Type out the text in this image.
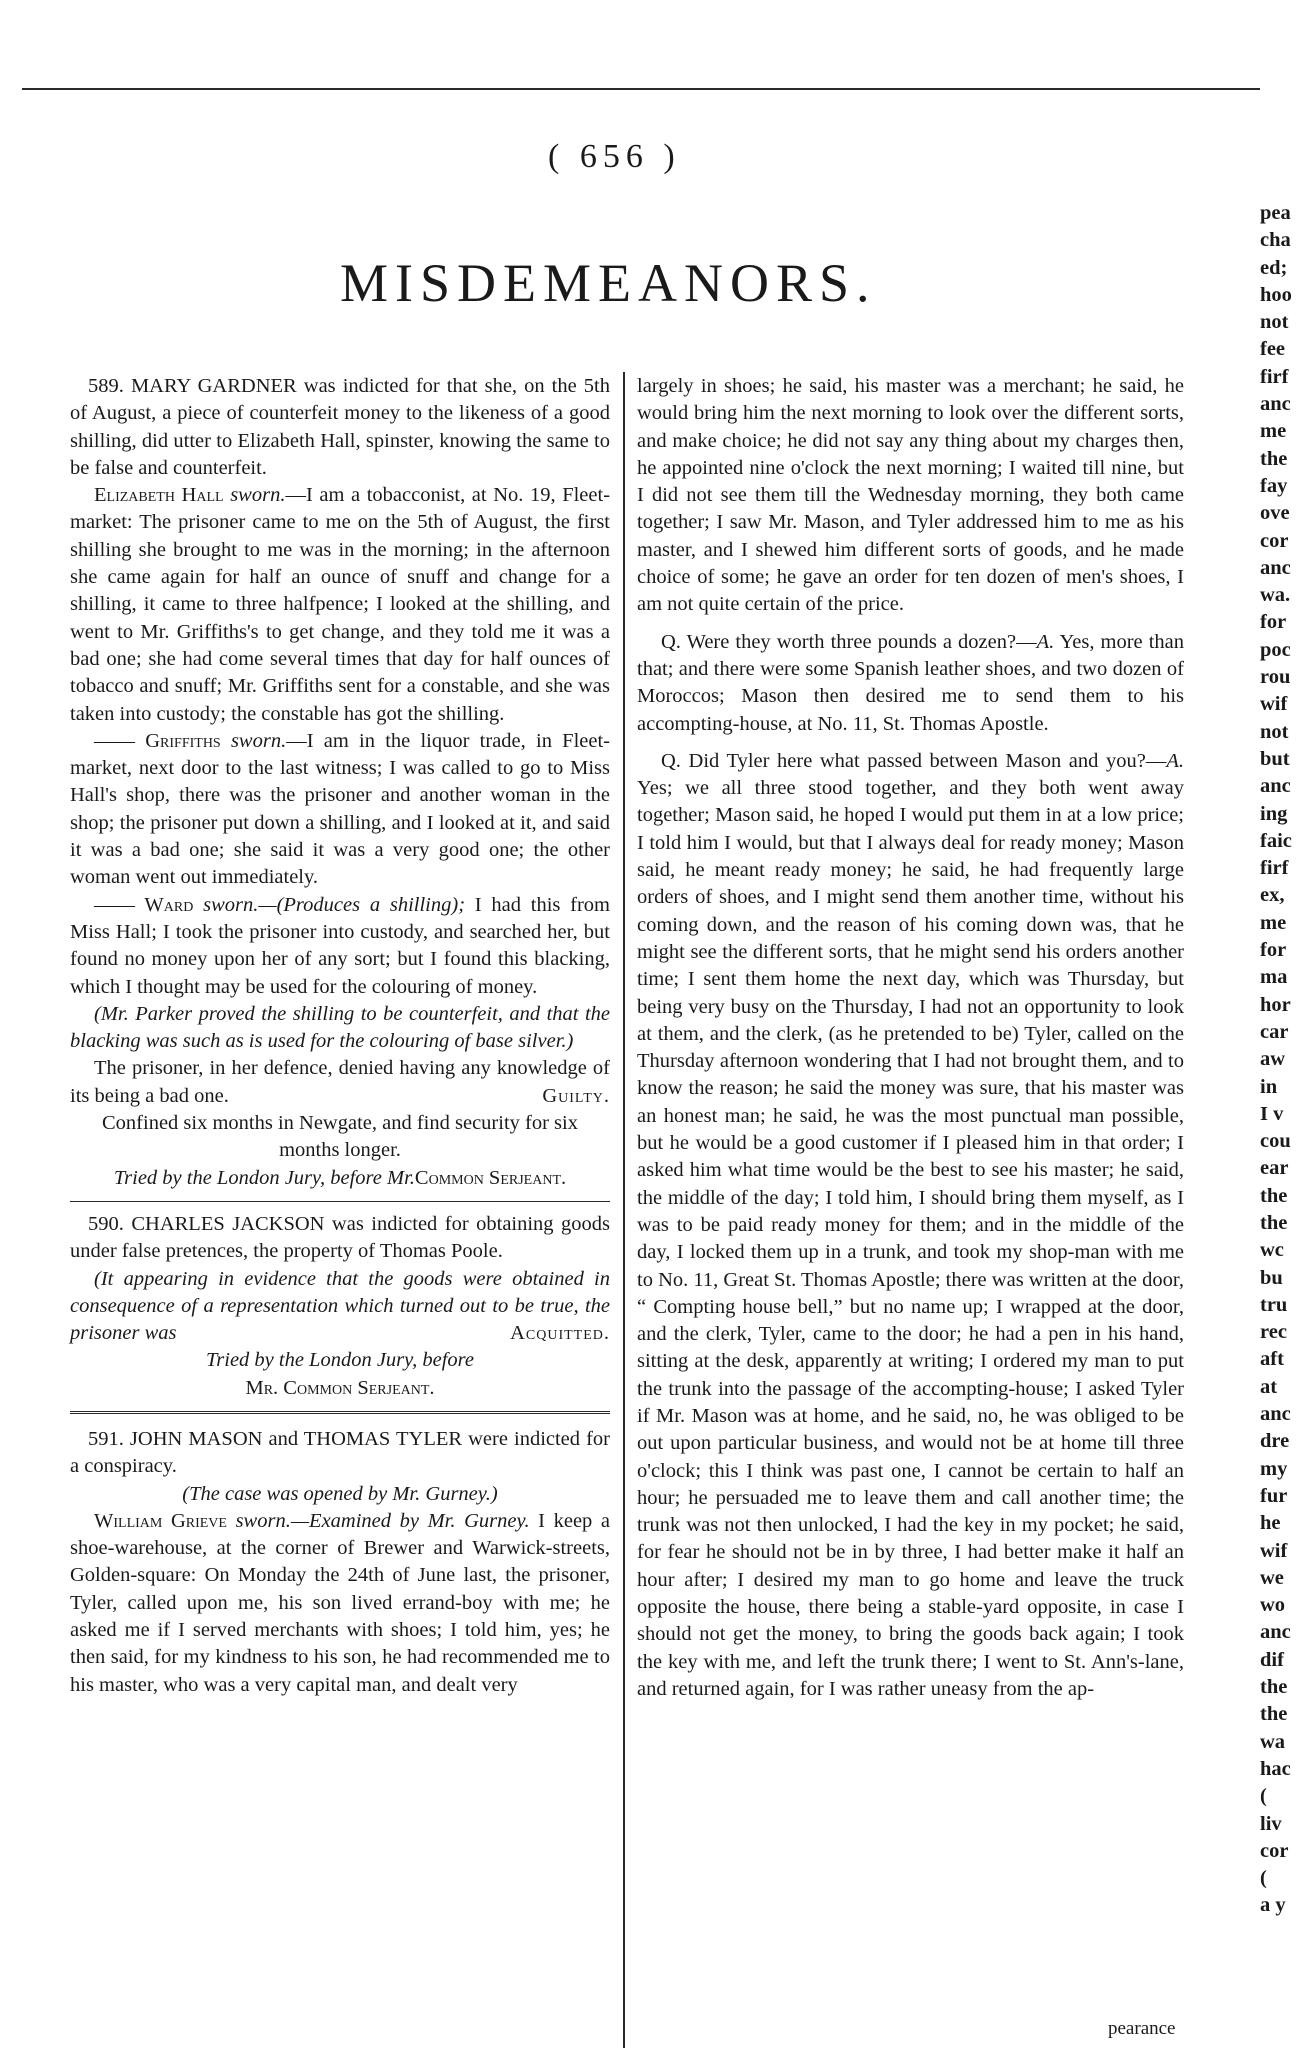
( 656 )
MISDEMEANORS.

589. MARY GARDNER was indicted for that she, on the 5th of August, a piece of counterfeit money to the likeness of a good shilling, did utter to Elizabeth Hall, spinster, knowing the same to be false and counterfeit.

Elizabeth Hall sworn.—I am a tobacconist, at No. 19, Fleet-market: The prisoner came to me on the 5th of August, the first shilling she brought to me was in the morning; in the afternoon she came again for half an ounce of snuff and change for a shilling, it came to three halfpence; I looked at the shilling, and went to Mr. Griffiths's to get change, and they told me it was a bad one; she had come several times that day for half ounces of tobacco and snuff; Mr. Griffiths sent for a constable, and she was taken into custody; the constable has got the shilling.

—— Griffiths sworn.—I am in the liquor trade, in Fleet-market, next door to the last witness; I was called to go to Miss Hall's shop, there was the prisoner and another woman in the shop; the prisoner put down a shilling, and I looked at it, and said it was a bad one; she said it was a very good one; the other woman went out immediately.

—— Ward sworn.—(Produces a shilling); I had this from Miss Hall; I took the prisoner into custody, and searched her, but found no money upon her of any sort; but I found this blacking, which I thought may be used for the colouring of money.

(Mr. Parker proved the shilling to be counterfeit, and that the blacking was such as is used for the colouring of base silver.)

The prisoner, in her defence, denied having any knowledge of its being a bad one.	Guilty.

Confined six months in Newgate, and find security for six months longer.

Tried by the London Jury, before Mr.Common Serjeant.

590. CHARLES JACKSON was indicted for obtaining goods under false pretences, the property of Thomas Poole.

(It appearing in evidence that the goods were obtained in consequence of a representation which turned out to be true, the prisoner was	Acquitted.

Tried by the London Jury, before

Mr. Common Serjeant.

591. JOHN MASON and THOMAS TYLER were indicted for a conspiracy.

(The case was opened by Mr. Gurney.)

William Grieve sworn.—Examined by Mr. Gurney. I keep a shoe-warehouse, at the corner of Brewer and Warwick-streets, Golden-square: On Monday the 24th of June last, the prisoner, Tyler, called upon me, his son lived errand-boy with me; he asked me if I served merchants with shoes; I told him, yes; he then said, for my kindness to his son, he had recommended me to his master, who was a very capital man, and dealt very

largely in shoes; he said, his master was a merchant; he said, he would bring him the next morning to look over the different sorts, and make choice; he did not say any thing about my charges then, he appointed nine o'clock the next morning; I waited till nine, but I did not see them till the Wednesday morning, they both came together; I saw Mr. Mason, and Tyler addressed him to me as his master, and I shewed him different sorts of goods, and he made choice of some; he gave an order for ten dozen of men's shoes, I am not quite certain of the price.

Q. Were they worth three pounds a dozen?—A. Yes, more than that; and there were some Spanish leather shoes, and two dozen of Moroccos; Mason then desired me to send them to his accompting-house, at No. 11, St. Thomas Apostle.

Q. Did Tyler here what passed between Mason and you?—A. Yes; we all three stood together, and they both went away together; Mason said, he hoped I would put them in at a low price; I told him I would, but that I always deal for ready money; Mason said, he meant ready money; he said, he had frequently large orders of shoes, and I might send them another time, without his coming down, and the reason of his coming down was, that he might see the different sorts, that he might send his orders another time; I sent them home the next day, which was Thursday, but being very busy on the Thursday, I had not an opportunity to look at them, and the clerk, (as he pretended to be) Tyler, called on the Thursday afternoon wondering that I had not brought them, and to know the reason; he said the money was sure, that his master was an honest man; he said, he was the most punctual man possible, but he would be a good customer if I pleased him in that order; I asked him what time would be the best to see his master; he said, the middle of the day; I told him, I should bring them myself, as I was to be paid ready money for them; and in the middle of the day, I locked them up in a trunk, and took my shop-man with me to No. 11, Great St. Thomas Apostle; there was written at the door, “ Compting house bell,” but no name up; I wrapped at the door, and the clerk, Tyler, came to the door; he had a pen in his hand, sitting at the desk, apparently at writing; I ordered my man to put the trunk into the passage of the accompting-house; I asked Tyler if Mr. Mason was at home, and he said, no, he was obliged to be out upon particular business, and would not be at home till three o'clock; this I think was past one, I cannot be certain to half an hour; he persuaded me to leave them and call another time; the trunk was not then unlocked, I had the key in my pocket; he said, for fear he should not be in by three, I had better make it half an hour after; I desired my man to go home and leave the truck opposite the house, there being a stable-yard opposite, in case I should not get the money, to bring the goods back again; I took the key with me, and left the trunk there; I went to St. Ann's-lane, and returned again, for I was rather uneasy from the ap-

pearance
pea
cha
ed;
hoo
not
fee
firf
anc
me
the
fay
ove
cor
anc
wa.
for
poc
rou
wif
not
but
anc
ing
faic
firf
ex,
me
for
ma
hor
car
aw
in
I v
cou
ear
the
the
wc
bu
tru
rec
aft
at
anc
dre
my
fur
he
wif
we
wo
anc
dif
the
the
wa
hac
(
liv
cor
(
a y
